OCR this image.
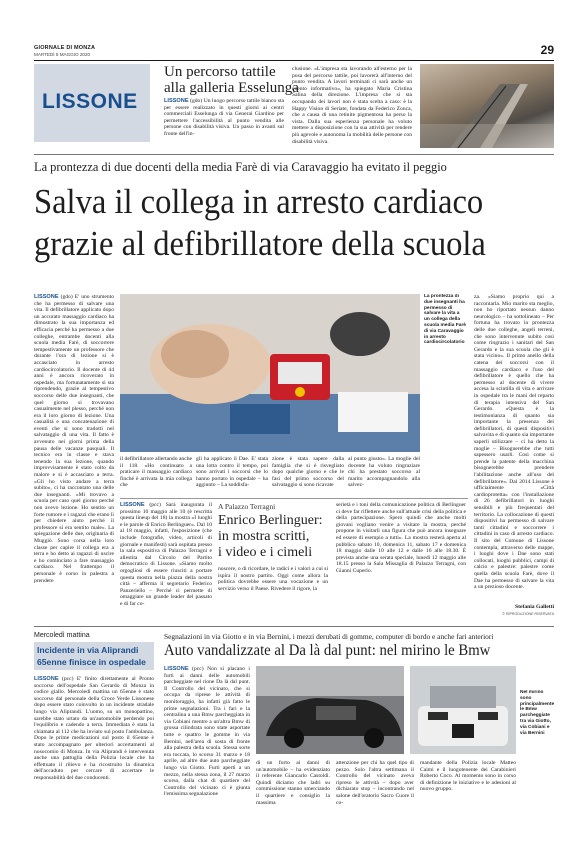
GIORNALE DI MONZA
MARTEDÌ 5 MAGGIO 2020	29
LISSONE
Un percorso tattile
alla galleria Esselunga
LISSONE (gdo) Un luogo percorso tattile bianco sta per essere realizzato in questi giorni ai centri commerciali Esselunga di via Generai Giardino per permettere l'accessibilità al punto vendita alle persone con disabilità visiva. Un passo in avanti sul fronte dell'in-
clusione. «L'impresa sta lavorando all'esterno per la posa del percorso tattile, poi lavorerà all'interno del punto vendita. A lavori terminati ci sarà anche un evento informativo», ha spiegato Maria Cristina Salina della direzione. L'impresa che si sta occupando dei lavori non è stata scelta a caso: è la Happy Vision di Seriate, fondata da Federico Zonca, che a causa di una retinite pigmentosa ha perso la vista. Dalla sua esperienza personale ha voluto mettere a disposizione con la sua attività per rendere più agevole e autonoma la mobilità delle persone con disabilità visiva.
La prontezza di due docenti della media Farè di via Caravaggio ha evitato il peggio
Salva il collega in arresto cardiaco
grazie al defibrillatore della scuola
LISSONE (gdo) E' uno strumento che ha permesso di salvare una vita. Il defibrillatore applicato dopo un accurato massaggio cardiaco ha dimostrato la sua importanza ed efficacia perché ha permesso a due colleghe, entrambe docenti alla scuola media Farè, di soccorrere tempestivamente un professore che durante l'ora di lezione si è accasciato in arresto cardiocircolatorio. Il docente di 44 anni è ancora ricoverato in ospedale, ma fortunatamente si sta riprendendo, grazie al tempestivo soccorso delle due insegnanti, che quel giorno si trovavano casualmente nel plesso, perché non era il loro giorno di lezione. Una casualità e una concatenazione di eventi che si sono tradotti nel salvataggio di una vita. Il fatto è avvenuto nei giorni prima della pausa delle vacanze pasquali. Il tecnico era in classe e stava tenendo la sua lezione, quando improvvisamente è stato colto da malore e si è accasciato a terra. «Gli ho visto andare a terra subito», ci ha raccontato una delle due insegnanti. «Mi trovavo a scuola per caso quel giorno perché non avevo lezione. Ho sentito un forte rumore e i ragazzi che erano lì per chiedere aiuto perché il professore si era sentito male». La spiegazione delle due, originaria di Muggiò. Sono corsa nella loro classe per capire il collega era a terra e ho detto ai ragazzi di uscire e ho cominciato a fare massaggio cardiaco. Nel frattempo il personale è corso in palestra a prendere
il defibrillatore allertando anche il 118. «Ho continuato a praticare il massaggio cardiaco finché è arrivata la mia collega che
gli ha applicato il Dae. E' stata una lotta contro il tempo, poi sono arrivati i soccorsi che lo hanno portato in ospedale – ha aggiunto – La soddisfa-
zione è stata sapere dalla famiglia che si è risvegliato dopo qualche giorno e che le fasi del primo soccorso del salvataggio si sono ricavate
al punto giusto». La moglie del docente ha voluto ringraziare chi ha prestato soccorso al marito accompagnandolo alla salvez-
La prontezza di due insegnanti ha permesso di salvare la vita a un collega della scuola media Farè di via Caravaggio in arresto cardiocircolatorio
za. «Siamo proprio qui a raccontarla. Mio marito sta meglio, non ho riportato nessun danno neurologico – ha sottolineato – Per fortuna ha trovato la prontezza delle due colleghe, angeli terreni, che sono intervenute subito così come ringrazio i sanitari del San Gerardo e la sua scuola che gli è stata vicino». Il primo anello della catena dei soccorsi con il massaggio cardiaco e l'uso del defibrillatore è quello che ha permesso al docente di vivere accesa la scintilla di vita e arrivare in ospedale tra le mani del reparto di terapia intensiva del San Gerardo. «Questa è la testimonianza di quanto sia importante la presenza dei defibrillatori, di questi dispositivi salvavita e di quanto sia importante saperli utilizzare – ci ha detto la moglie – Bisognerebbe che tutti sapessero usarli. Così come si prende la patente della macchina bisognerebbe prendere l'abilitazione anche all'uso del defibrillatore». Dal 2014 Lissone è ufficialmente «Città cardioprotetta» con l'installazione di 26 defibrillatori in luoghi sensibili e più frequentati del territorio. La collocazione di questi dispositivi ha permesso di salvare tanti cittadini e soccorrere i cittadini in caso di arresto cardiaco. Il sito del Comune di Lissone contempla, attraverso delle mappe, i luoghi dove i Dae sono stati collocati, luoghi pubblici, campi di calcio e palestre: palestre come quella della scuola Farè, dove il Dae ha permesso di salvare la vita a un prezioso docente.
Stefania Galletti
© RIPRODUZIONE RISERVATA
LISSONE (pcc) Sarà inaugurata il prossimo 10 maggio alle 10 (è rescritta questa lineup del 18) la mostra «I luoghi e le parole di Enrico Berlinguer». Dal 10 al 18 maggio, infatti, l'esposizione (che include fotografie, video, articoli di giornale e manifesti) sarà ospitata presso la sala espositiva di Palazzo Terragni e allestita dal Circolo del Partito democratico di Lissone. «Siamo molto orgogliosi di essere riusciti a portare questa mostra nella piazza della nostra città – afferma il segretario Federico Panzeriello – Perché ci permette di omaggiare un grande leader del passato e di far co-
A Palazzo Terragni
Enrico Berlinguer:
in mostra scritti,
i video e i cimeli
noscere, o di ricordare, le radici e i valori a cui si ispira il nostro partito. Oggi come allora la politica dovrebbe essere una vocazione e un servizio verso il Paese. Rivedere il rigore, la
serietà e i toni della comunicazione politica di Berlinguer ci deve far riflettere anche sull'attuale crisi della politica e della partecipazione. Spero quindi che anche molti giovani vogliano venire a visitare la mostra, perché propone in visitarli una figura che può ancora insegnare ed essere di esempio a tutti». La mostra resterà aperta al pubblico sabato 10, domenica 11, sabato 17 e domenica 18 maggio dalle 10 alle 12 e dalle 16 alle 18.30. È prevista anche una serata speciale, lunedì 12 maggio alle 18.15 presso la Sala Missaglia di Palazzo Terragni, con Gianni Cuperlo.
Mercoledì mattina
Incidente in via Aliprandi 65enne finisce in ospedale
LISSONE (pcc) E' finito direttamente al Pronto soccorso dell'ospedale San Gerardo di Monza in codice giallo. Mercoledì mattina un 65enne è stato soccorso dal personale della Croce Verde Lissonese dopo essere stato coinvolto in un incidente stradale lungo via Aliprandi. L'uomo, su un monopattino, sarebbe stato urtato da un'automobile perdendo poi l'equilibrio e cadendo a terra. Immediata è stata la chiamata al 112 che ha inviato sul posto l'ambulanza. Dopo le prime medicazioni sul posto il 65enne è stato accompagnato per ulteriori accertamenti al nosocomio di Monza. In via Aliprandi è intervenuta anche una pattuglia della Polizia locale che ha effettuato il rilievo e ha ricostruito la dinamica dell'accaduto per cercare di accertare le responsabilità del due conducenti.
Segnalazioni in via Giotto e in via Bernini, i mezzi derubati di gomme, computer di bordo e anche fari anteriori
Auto vandalizzate al Da là dal punt: nel mirino le Bmw
LISSONE (pcc) Non si placano i furti ai danni delle automobili parcheggiate nel rione Da là dal punt. Il Controllo del vicinato, che si occupa da riprese le attività di monitoraggio, ha infatti già fatto le prime segnalazioni. Tra i fari e la centralina a una Bmw parcheggiata in via Cobiani mentre a un'altra Bmw di grossa cilindrata sono state asportate tutte e quattro le gomme in via Bernini, nell'area di sosta di fronte alla palestra della scuola. Stessa sorte era toccata, lo scorso 31 marzo e 18 aprile, ad altre due auto parcheggiate lungo via Giotto. Furti aperti a un mezzo, nella stessa zona, il 27 marzo scorso, dalla chat di quartiere del Controllo del vicinato ci è giunta l'emissima segnalazione
Nel mirino sono principalmente le Bmw parcheggiate tra via Giotto, via Cobiani e via Bernini
di un furto ai danni di un'automobile – ha evidenziato il referente Giancarlo Castoldi. Quindi diciamo che ladri su commissione stanno smerciando il quartiere e consiglio la massima
attenzione per chi ha quel tipo di pezzo. Solo l'altra settimana il Controllo del vicinato aveva ripreso le attività – dopo aver dichiarato stop – incontrando nel salone dell'oratorio Sacro Cuore il co-
mandante della Polizia locale Matteo Caimi e il luogotenente dei Carabinieri Roberto Coco. Al momento sono in corso di definizione le iniziative e le adesioni al nuovo gruppo.
